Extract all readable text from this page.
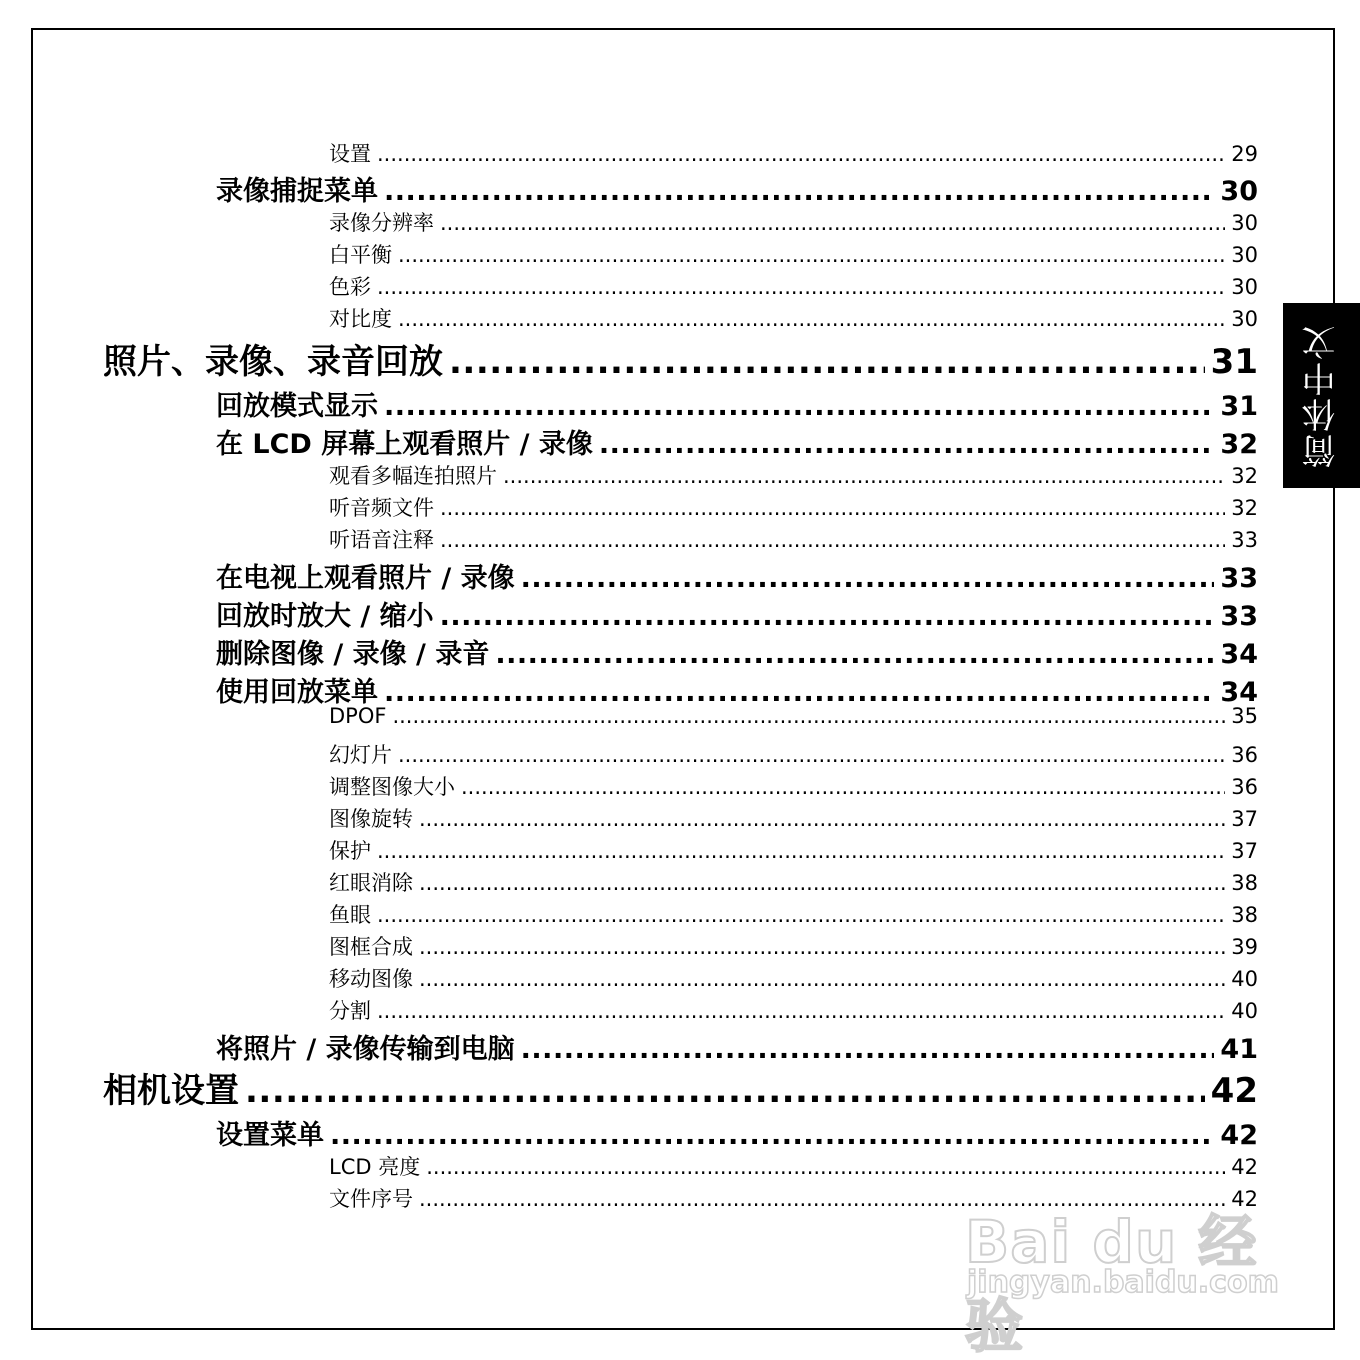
简体中文
设置 .....	29
录像捕捉菜单 .....	30
录像分辨率 .....	30
白平衡 .....	30
色彩 .....	30
对比度 .....	30
照片、录像、录音回放 .....	31
回放模式显示 .....	31
在 LCD 屏幕上观看照片 / 录像 .....	32
观看多幅连拍照片 .....	32
听音频文件 .....	32
听语音注释 .....	33
在电视上观看照片 / 录像 .....	33
回放时放大 / 缩小 .....	33
删除图像 / 录像 / 录音 .....	34
使用回放菜单 .....	34
DPOF .....	35
幻灯片 .....	36
调整图像大小 .....	36
图像旋转 .....	37
保护 .....	37
红眼消除 .....	38
鱼眼 .....	38
图框合成 .....	39
移动图像 .....	40
分割 .....	40
将照片 / 录像传输到电脑 .....	41
相机设置 .....	42
设置菜单 .....	42
LCD 亮度 .....	42
文件序号 .....	42
Bai du 经验
jingyan.baidu.com
